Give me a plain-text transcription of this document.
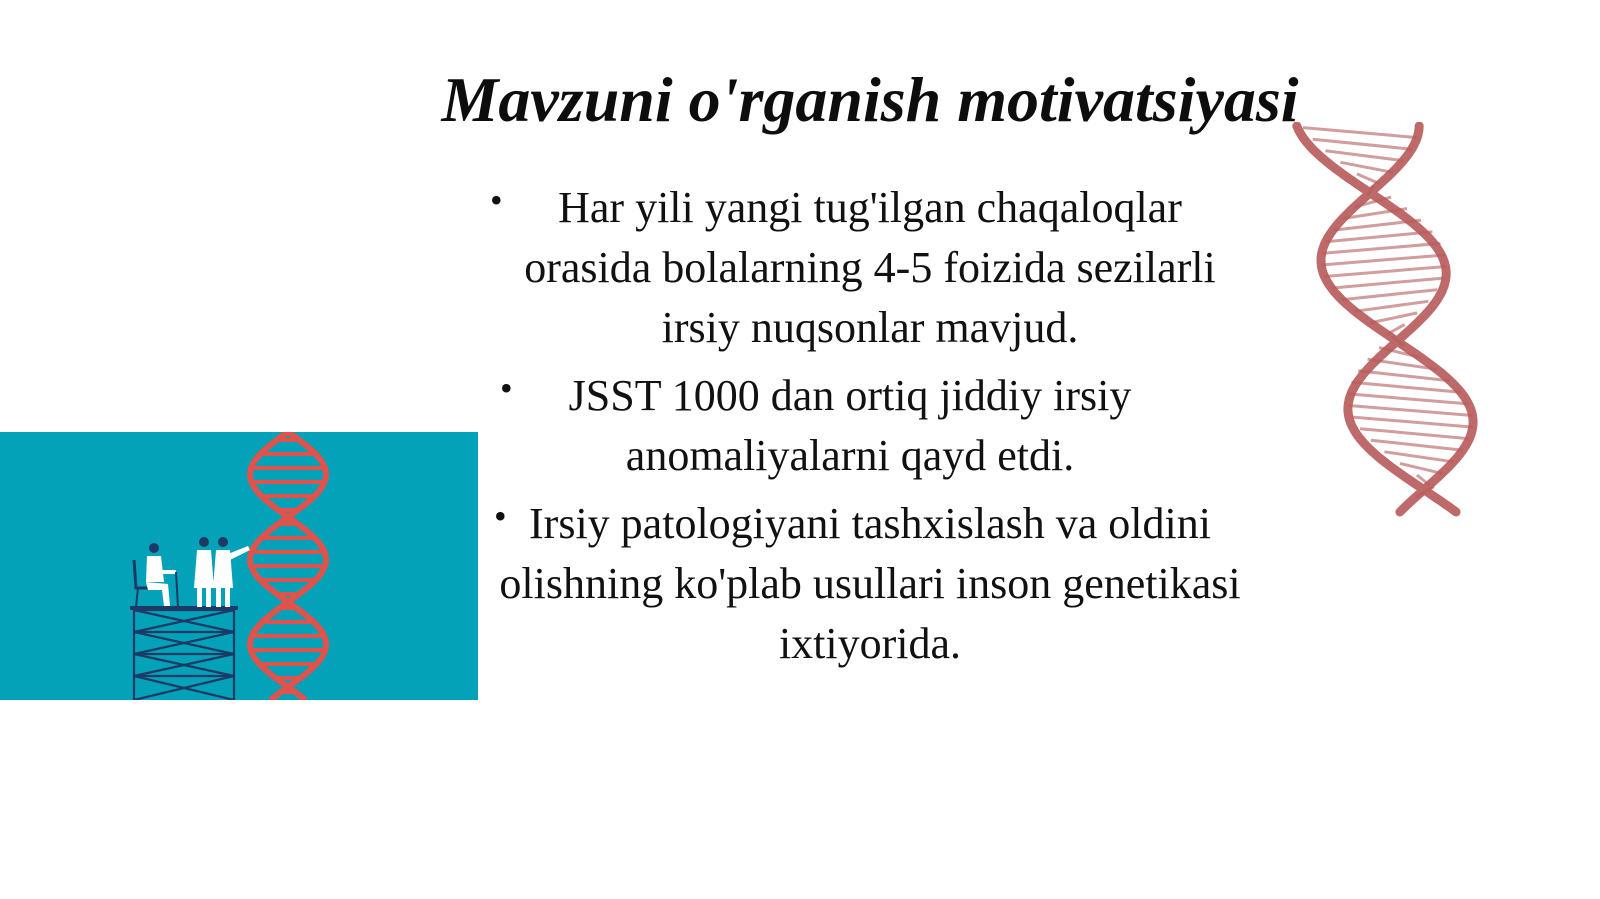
Mavzuni o'rganish motivatsiyasi
• Har yili yangi tug'ilgan chaqaloqlar orasida bolalarning 4-5 foizida sezilarli irsiy nuqsonlar mavjud.
• JSST 1000 dan ortiq jiddiy irsiy anomaliyalarni qayd etdi.
• Irsiy patologiyani tashxislash va oldini olishning ko'plab usullari inson genetikasi ixtiyorida.
